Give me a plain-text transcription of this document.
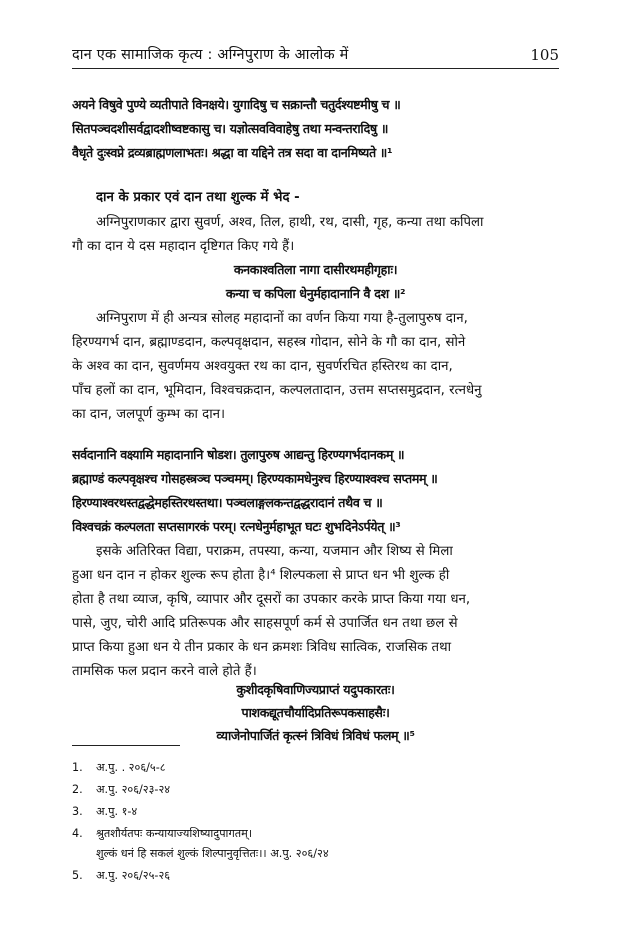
दान एक सामाजिक कृत्य : अग्निपुराण के आलोक में	105

अयने विषुवे पुण्ये व्यतीपाते विनक्षये। युगादिषु च सक्रान्तौ चतुर्दश्यष्टमीषु च ॥

सितपञ्चदशीसर्वद्वादशीष्वष्टकासु च। यज्ञोत्सवविवाहेषु तथा मन्वन्तरादिषु ॥

वैधृते दुःस्वप्ने द्रव्यब्राह्मणलाभतः। श्रद्धा वा यद्दिने तत्र सदा वा दानमिष्यते ॥¹

दान के प्रकार एवं दान तथा शुल्क में भेद -

अग्निपुराणकार द्वारा सुवर्ण, अश्व, तिल, हाथी, रथ, दासी, गृह, कन्या तथा कपिला

गौ का दान ये दस महादान दृष्टिगत किए गये हैं।

कनकाश्वतिला नागा दासीरथमहीगृहाः।

कन्या च कपिला धेनुर्महादानानि वै दश ॥²

अग्निपुराण में ही अन्यत्र सोलह महादानों का वर्णन किया गया है-तुलापुरुष दान,

हिरण्यगर्भ दान, ब्रह्माण्डदान, कल्पवृक्षदान, सहस्त्र गोदान, सोने के गौ का दान, सोने

के अश्व का दान, सुवर्णमय अश्वयुक्त रथ का दान, सुवर्णरचित हस्तिरथ का दान,

पाँच हलों का दान, भूमिदान, विश्वचक्रदान, कल्पलतादान, उत्तम सप्तसमुद्रदान, रत्नधेनु

का दान, जलपूर्ण कुम्भ का दान।

सर्वदानानि वक्ष्यामि महादानानि षोडश। तुलापुरुष आद्यन्तु हिरण्यगर्भदानकम् ॥

ब्रह्माण्डं कल्पवृक्षश्च गोसहस्त्रञ्च पञ्चमम्। हिरण्यकामधेनुश्च हिरण्याश्वश्च सप्तमम् ॥

हिरण्याश्वरथस्तद्वद्धेमहस्तिरथस्तथा। पञ्चलाङ्गलकन्तद्वद्धरादानं तथैव च ॥

विश्वचक्रं कल्पलता सप्तसागरकं परम्। रत्नधेनुर्महाभूत घटः शुभदिनेऽर्पयेत् ॥³

इसके अतिरिक्त विद्या, पराक्रम, तपस्या, कन्या, यजमान और शिष्य से मिला

हुआ धन दान न होकर शुल्क रूप होता है।⁴ शिल्पकला से प्राप्त धन भी शुल्क ही

होता है तथा व्याज, कृषि, व्यापार और दूसरों का उपकार करके प्राप्त किया गया धन,

पासे, जुए, चोरी आदि प्रतिरूपक और साहसपूर्ण कर्म से उपार्जित धन तथा छल से

प्राप्त किया हुआ धन ये तीन प्रकार के धन क्रमशः त्रिविध सात्विक, राजसिक तथा

तामसिक फल प्रदान करने वाले होते हैं।

कुशीदकृषिवाणिज्यप्राप्तं यदुपकारतः।

पाशकद्यूतचौर्यादिप्रतिरूपकसाहसैः।

व्याजेनोपार्जितं कृत्स्नं त्रिविधं त्रिविधं फलम् ॥⁵

1. अ.पु. . २०६/५-८
2. अ.पु. २०६/२३-२४
3. अ.पु. १-४
4. श्रुतशौर्यतपः कन्यायाज्यशिष्यादुपागतम्।
शुल्कं धनं हि सकलं शुल्कं शिल्पानुवृत्तितः।। अ.पु. २०६/२४
5. अ.पु. २०६/२५-२६
